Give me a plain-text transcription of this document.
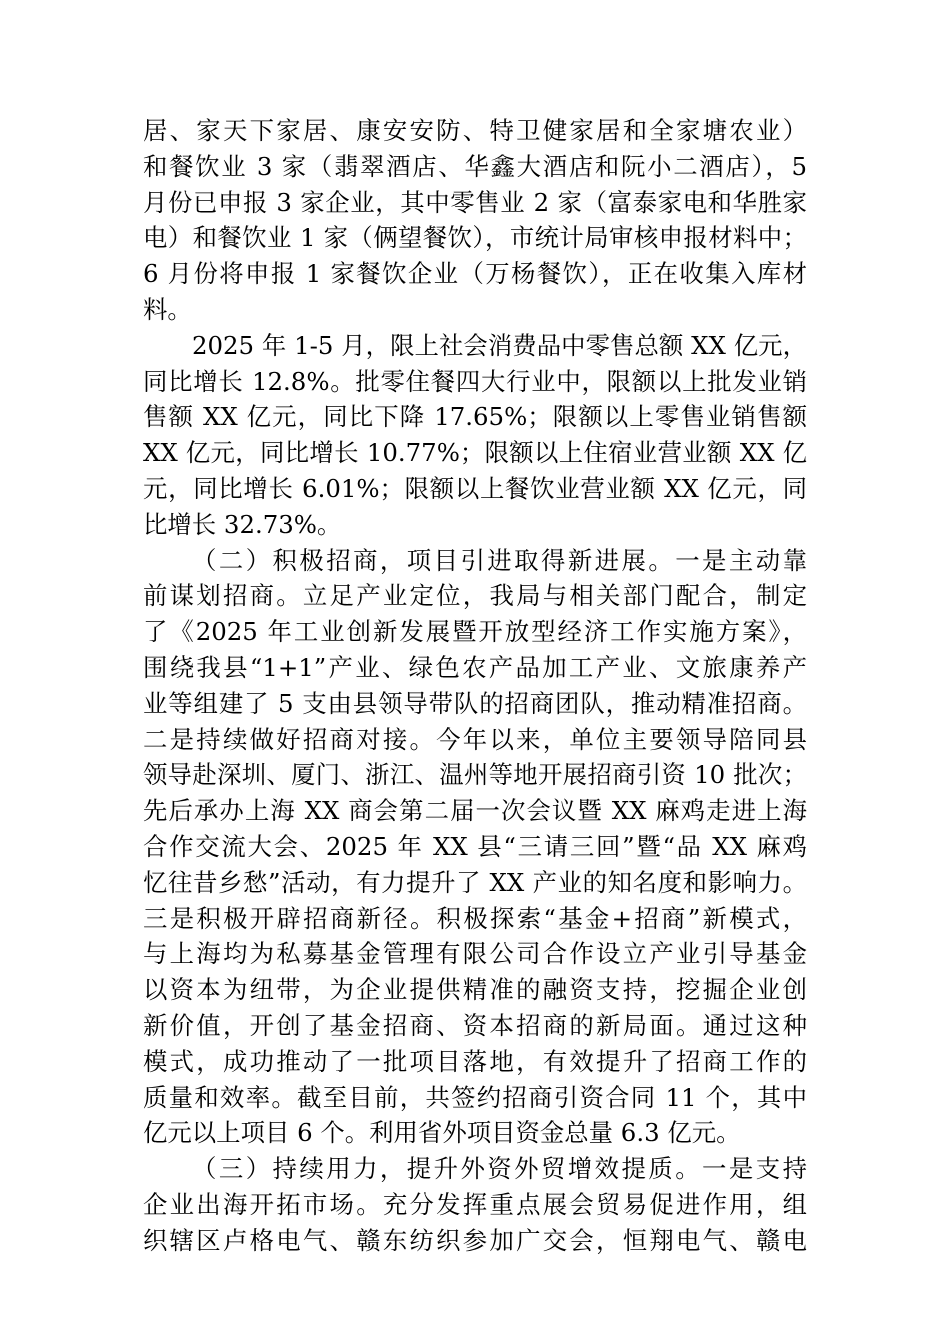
居、家天下家居、康安安防、特卫健家居和全家塘农业）
和餐饮业 3 家（翡翠酒店、华鑫大酒店和阮小二酒店），5
月份已申报 3 家企业，其中零售业 2 家（富泰家电和华胜家
电）和餐饮业 1 家（俩望餐饮），市统计局审核申报材料中；
6 月份将申报 1 家餐饮企业（万杨餐饮），正在收集入库材
料。
2025 年 1-5 月，限上社会消费品中零售总额 XX 亿元，
同比增长 12.8%。批零住餐四大行业中，限额以上批发业销
售额 XX 亿元，同比下降 17.65%；限额以上零售业销售额
XX 亿元，同比增长 10.77%；限额以上住宿业营业额 XX 亿
元，同比增长 6.01%；限额以上餐饮业营业额 XX 亿元，同
比增长 32.73%。
（二）积极招商，项目引进取得新进展。一是主动靠
前谋划招商。立足产业定位，我局与相关部门配合，制定
了《2025 年工业创新发展暨开放型经济工作实施方案》，
围绕我县“1+1”产业、绿色农产品加工产业、文旅康养产
业等组建了 5 支由县领导带队的招商团队，推动精准招商。
二是持续做好招商对接。今年以来，单位主要领导陪同县
领导赴深圳、厦门、浙江、温州等地开展招商引资 10 批次；
先后承办上海 XX 商会第二届一次会议暨 XX 麻鸡走进上海
合作交流大会、2025 年 XX 县“三请三回”暨“品 XX 麻鸡
忆往昔乡愁”活动，有力提升了 XX 产业的知名度和影响力。
三是积极开辟招商新径。积极探索“基金+招商”新模式，
与上海均为私募基金管理有限公司合作设立产业引导基金
以资本为纽带，为企业提供精准的融资支持，挖掘企业创
新价值，开创了基金招商、资本招商的新局面。通过这种
模式，成功推动了一批项目落地，有效提升了招商工作的
质量和效率。截至目前，共签约招商引资合同 11 个，其中
亿元以上项目 6 个。利用省外项目资金总量 6.3 亿元。
（三）持续用力，提升外资外贸增效提质。一是支持
企业出海开拓市场。充分发挥重点展会贸易促进作用，组
织辖区卢格电气、赣东纺织参加广交会，恒翔电气、赣电
